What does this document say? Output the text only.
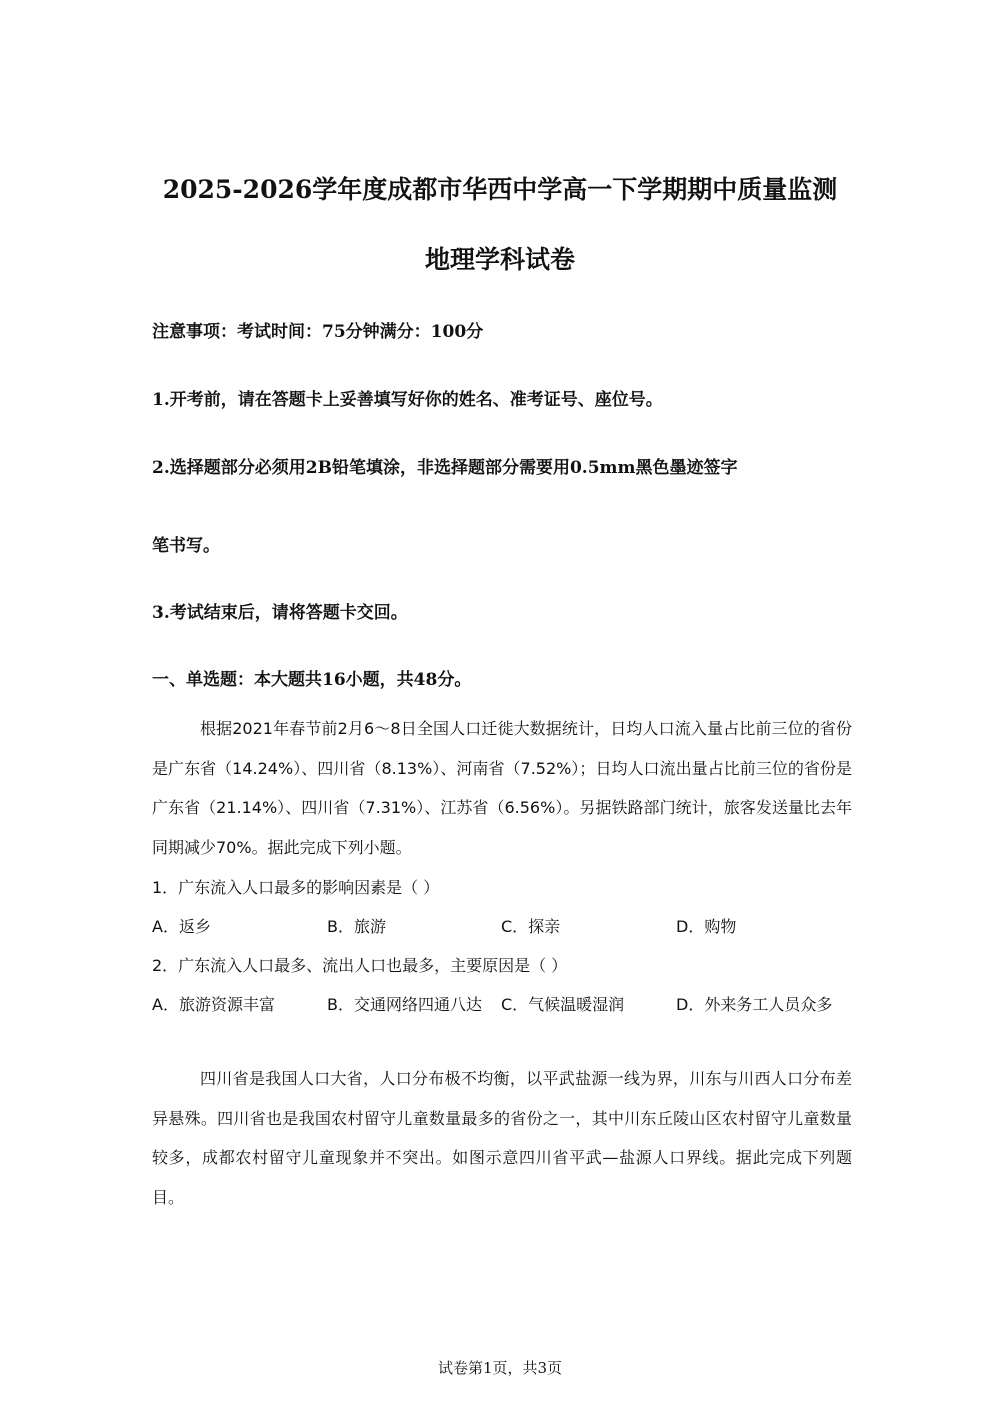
2025-2026学年度成都市华西中学高一下学期期中质量监测
地理学科试卷
注意事项：考试时间：75分钟满分：100分
1.开考前，请在答题卡上妥善填写好你的姓名、准考证号、座位号。
2.选择题部分必须用2B铅笔填涂，非选择题部分需要用0.5mm黑色墨迹签字
笔书写。
3.考试结束后，请将答题卡交回。
一、单选题：本大题共16小题，共48分。
根据2021年春节前2月6～8日全国人口迁徙大数据统计，日均人口流入量占比前三位的省份是广东省（14.24%）、四川省（8.13%）、河南省（7.52%）；日均人口流出量占比前三位的省份是广东省（21.14%）、四川省（7.31%）、江苏省（6.56%）。另据铁路部门统计，旅客发送量比去年同期减少70%。据此完成下列小题。
1．广东流入人口最多的影响因素是（ ）
A．返乡	B．旅游	C．探亲	D．购物
2．广东流入人口最多、流出人口也最多，主要原因是（ ）
A．旅游资源丰富	B．交通网络四通八达 C．气候温暖湿润	D．外来务工人员众多
四川省是我国人口大省，人口分布极不均衡，以平武盐源一线为界，川东与川西人口分布差异悬殊。四川省也是我国农村留守儿童数量最多的省份之一，其中川东丘陵山区农村留守儿童数量较多，成都农村留守儿童现象并不突出。如图示意四川省平武—盐源人口界线。据此完成下列题目。
试卷第1页，共3页
